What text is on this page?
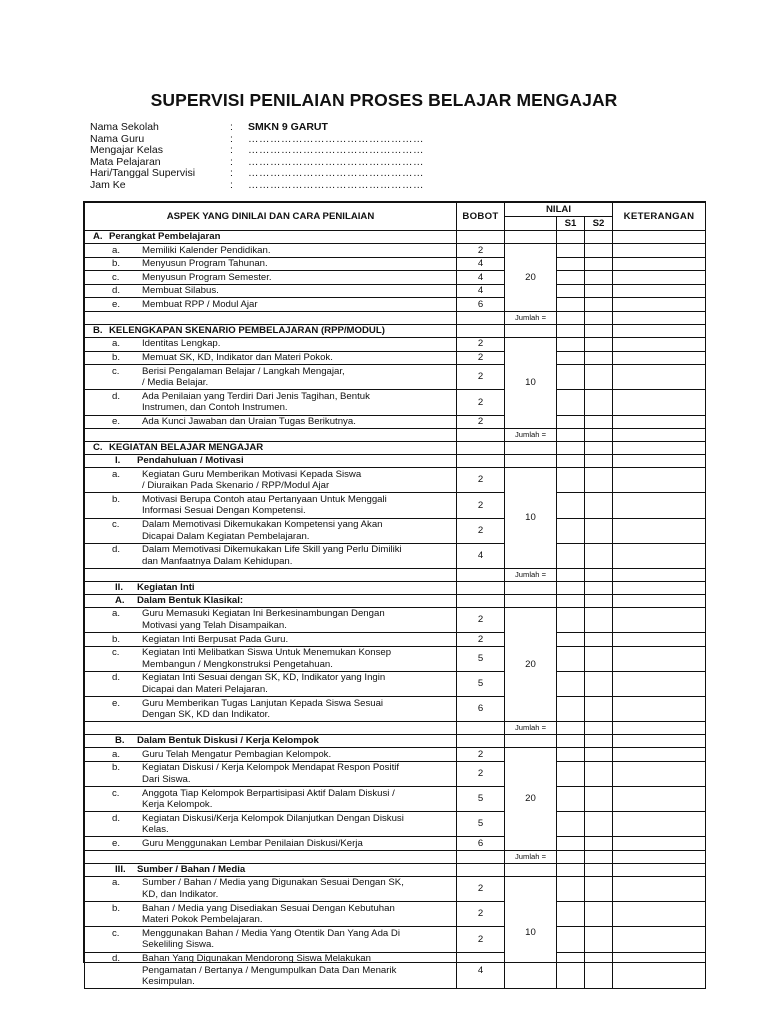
SUPERVISI PENILAIAN PROSES BELAJAR MENGAJAR
Nama Sekolah	:	SMKN 9 GARUT
Nama Guru	:	…………………………………………
Mengajar Kelas	:	…………………………………………
Mata Pelajaran	:	…………………………………………
Hari/Tanggal Supervisi	:	…………………………………………
Jam Ke	:	…………………………………………
ASPEK YANG DINILAI DAN CARA PENILAIAN	BOBOT	NILAI			KETERANGAN
			S1	S2	

A. Perangkat Pembelajaran					

a. Memiliki Kalender Pendidikan.	2	20			

b. Menyusun Program Tahunan.	4				

c. Menyusun Program Semester.	4				

d. Membuat Silabus.	4				

e. Membuat RPP / Modul Ajar	6				
		Jumlah =			

B. KELENGKAPAN SKENARIO PEMBELAJARAN (RPP/MODUL)					

a. Identitas Lengkap.	2	10			

b. Memuat SK, KD, Indikator dan Materi Pokok.	2				

c. Berisi Pengalaman Belajar / Langkah Mengajar,
/ Media Belajar.	2				

d. Ada Penilaian yang Terdiri Dari Jenis Tagihan, Bentuk
Instrumen, dan Contoh Instrumen.	2				

e. Ada Kunci Jawaban dan Uraian Tugas Berikutnya.	2				
		Jumlah =			

C. KEGIATAN BELAJAR MENGAJAR					

I. Pendahuluan / Motivasi					

a. Kegiatan Guru Memberikan Motivasi Kepada Siswa
/ Diuraikan Pada Skenario / RPP/Modul Ajar	2	10			

b. Motivasi Berupa Contoh atau Pertanyaan Untuk Menggali
Informasi Sesuai Dengan Kompetensi.	2				

c. Dalam Memotivasi Dikemukakan Kompetensi yang Akan
Dicapai Dalam Kegiatan Pembelajaran.	2				

d. Dalam Memotivasi Dikemukakan Life Skill yang Perlu Dimiliki
dan Manfaatnya Dalam Kehidupan.	4				
		Jumlah =			

II. Kegiatan Inti					

A. Dalam Bentuk Klasikal:					

a. Guru Memasuki Kegiatan Ini Berkesinambungan Dengan
Motivasi yang Telah Disampaikan.	2	20			

b. Kegiatan Inti Berpusat Pada Guru.	2				

c. Kegiatan Inti Melibatkan Siswa Untuk Menemukan Konsep
Membangun / Mengkonstruksi Pengetahuan.	5				

d. Kegiatan Inti Sesuai dengan SK, KD, Indikator yang Ingin
Dicapai dan Materi Pelajaran.	5				

e. Guru Memberikan Tugas Lanjutan Kepada Siswa Sesuai
Dengan SK, KD dan Indikator.	6				
		Jumlah =			

B. Dalam Bentuk Diskusi / Kerja Kelompok					

a. Guru Telah Mengatur Pembagian Kelompok.	2	20			

b. Kegiatan Diskusi / Kerja Kelompok Mendapat Respon Positif
Dari Siswa.	2				

c. Anggota Tiap Kelompok Berpartisipasi Aktif Dalam Diskusi /
Kerja Kelompok.	5				

d. Kegiatan Diskusi/Kerja Kelompok Dilanjutkan Dengan Diskusi
Kelas.	5				

e. Guru Menggunakan Lembar Penilaian Diskusi/Kerja	6				
		Jumlah =			

III. Sumber / Bahan / Media					

a. Sumber / Bahan / Media yang Digunakan Sesuai Dengan SK,
KD, dan Indikator.	2	10			

b. Bahan / Media yang Disediakan Sesuai Dengan Kebutuhan
Materi Pokok Pembelajaran.	2				

c. Menggunakan Bahan / Media Yang Otentik Dan Yang Ada Di
Sekeliling Siswa.	2				

d. Bahan Yang Digunakan Mendorong Siswa Melakukan
Pengamatan / Bertanya / Mengumpulkan Data Dan Menarik
Kesimpulan.	4				
